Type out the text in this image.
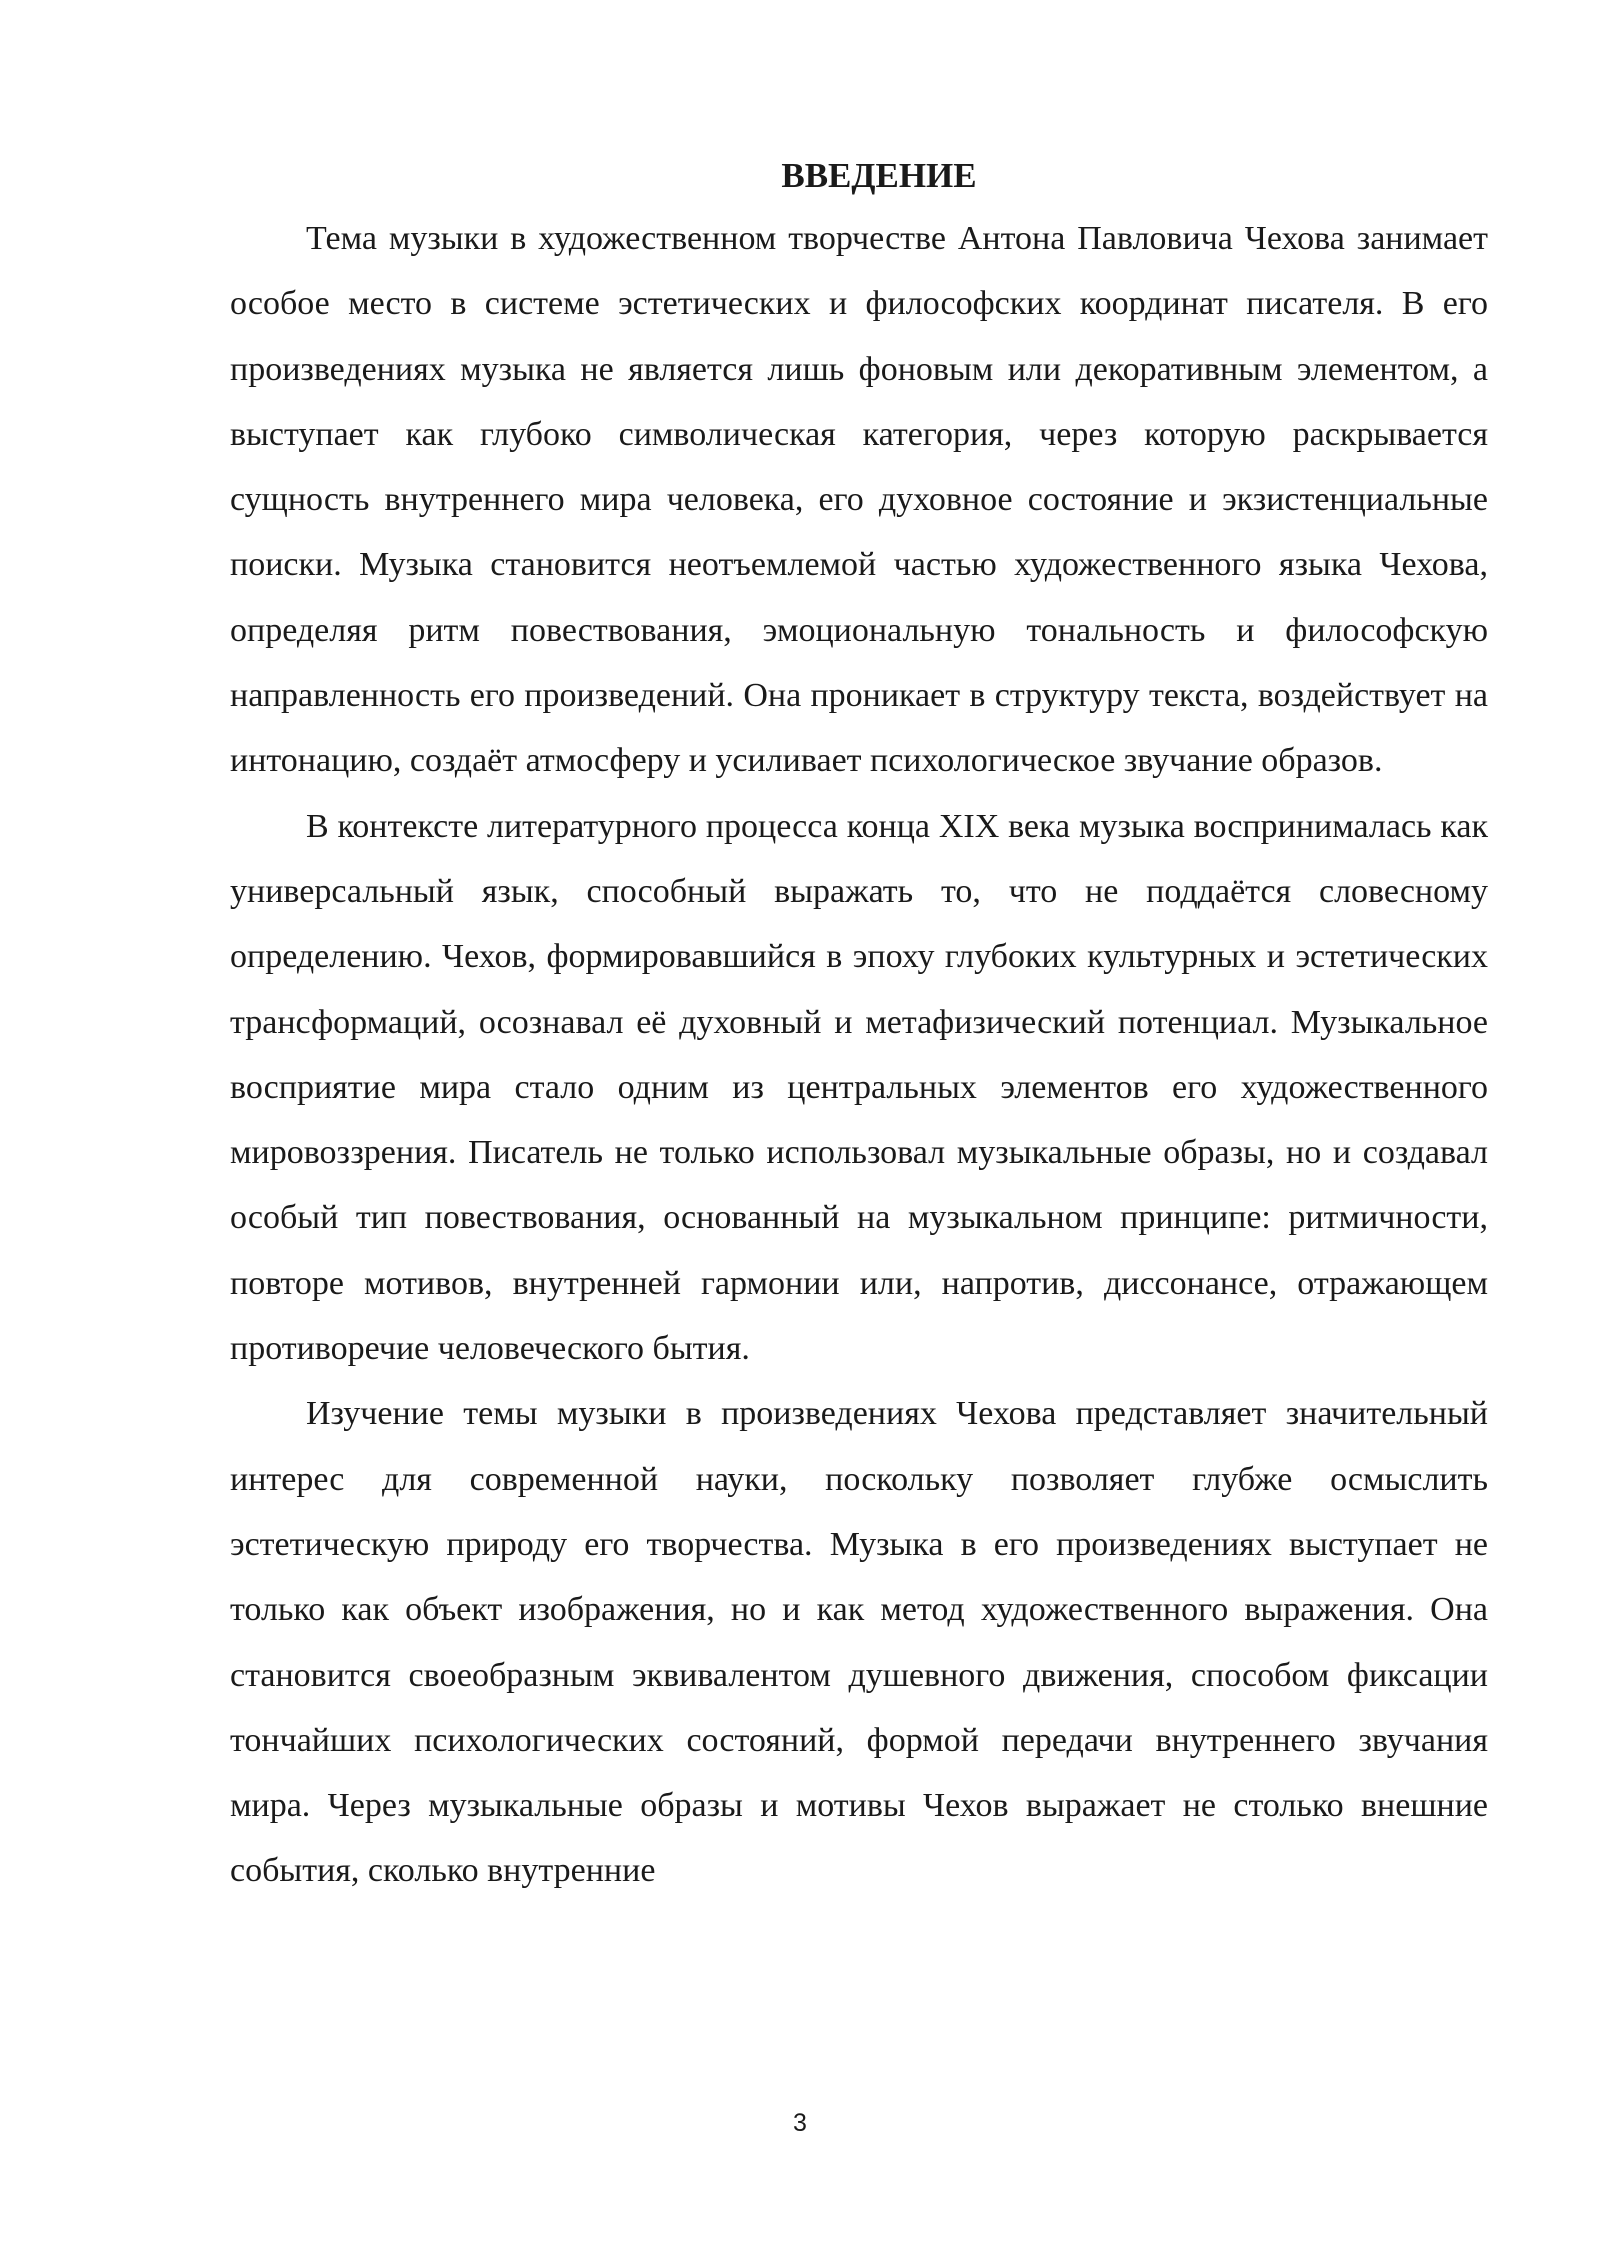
ВВЕДЕНИЕ

Тема музыки в художественном творчестве Антона Павловича Чехова занимает особое место в системе эстетических и философских координат писателя. В его произведениях музыка не является лишь фоновым или декоративным элементом, а выступает как глубоко символическая категория, через которую раскрывается сущность внутреннего мира человека, его духовное состояние и экзистенциальные поиски. Музыка становится неотъемлемой частью художественного языка Чехова, определяя ритм повествования, эмоциональную тональность и философскую направленность его произведений. Она проникает в структуру текста, воздействует на интонацию, создаёт атмосферу и усиливает психологическое звучание образов.

В контексте литературного процесса конца XIX века музыка воспринималась как универсальный язык, способный выражать то, что не поддаётся словесному определению. Чехов, формировавшийся в эпоху глубоких культурных и эстетических трансформаций, осознавал её духовный и метафизический потенциал. Музыкальное восприятие мира стало одним из центральных элементов его художественного мировоззрения. Писатель не только использовал музыкальные образы, но и создавал особый тип повествования, основанный на музыкальном принципе: ритмичности, повторе мотивов, внутренней гармонии или, напротив, диссонансе, отражающем противоречие человеческого бытия.

Изучение темы музыки в произведениях Чехова представляет значительный интерес для современной науки, поскольку позволяет глубже осмыслить эстетическую природу его творчества. Музыка в его произведениях выступает не только как объект изображения, но и как метод художественного выражения. Она становится своеобразным эквивалентом душевного движения, способом фиксации тончайших психологических состояний, формой передачи внутреннего звучания мира. Через музыкальные образы и мотивы Чехов выражает не столько внешние события, сколько внутренние

3
